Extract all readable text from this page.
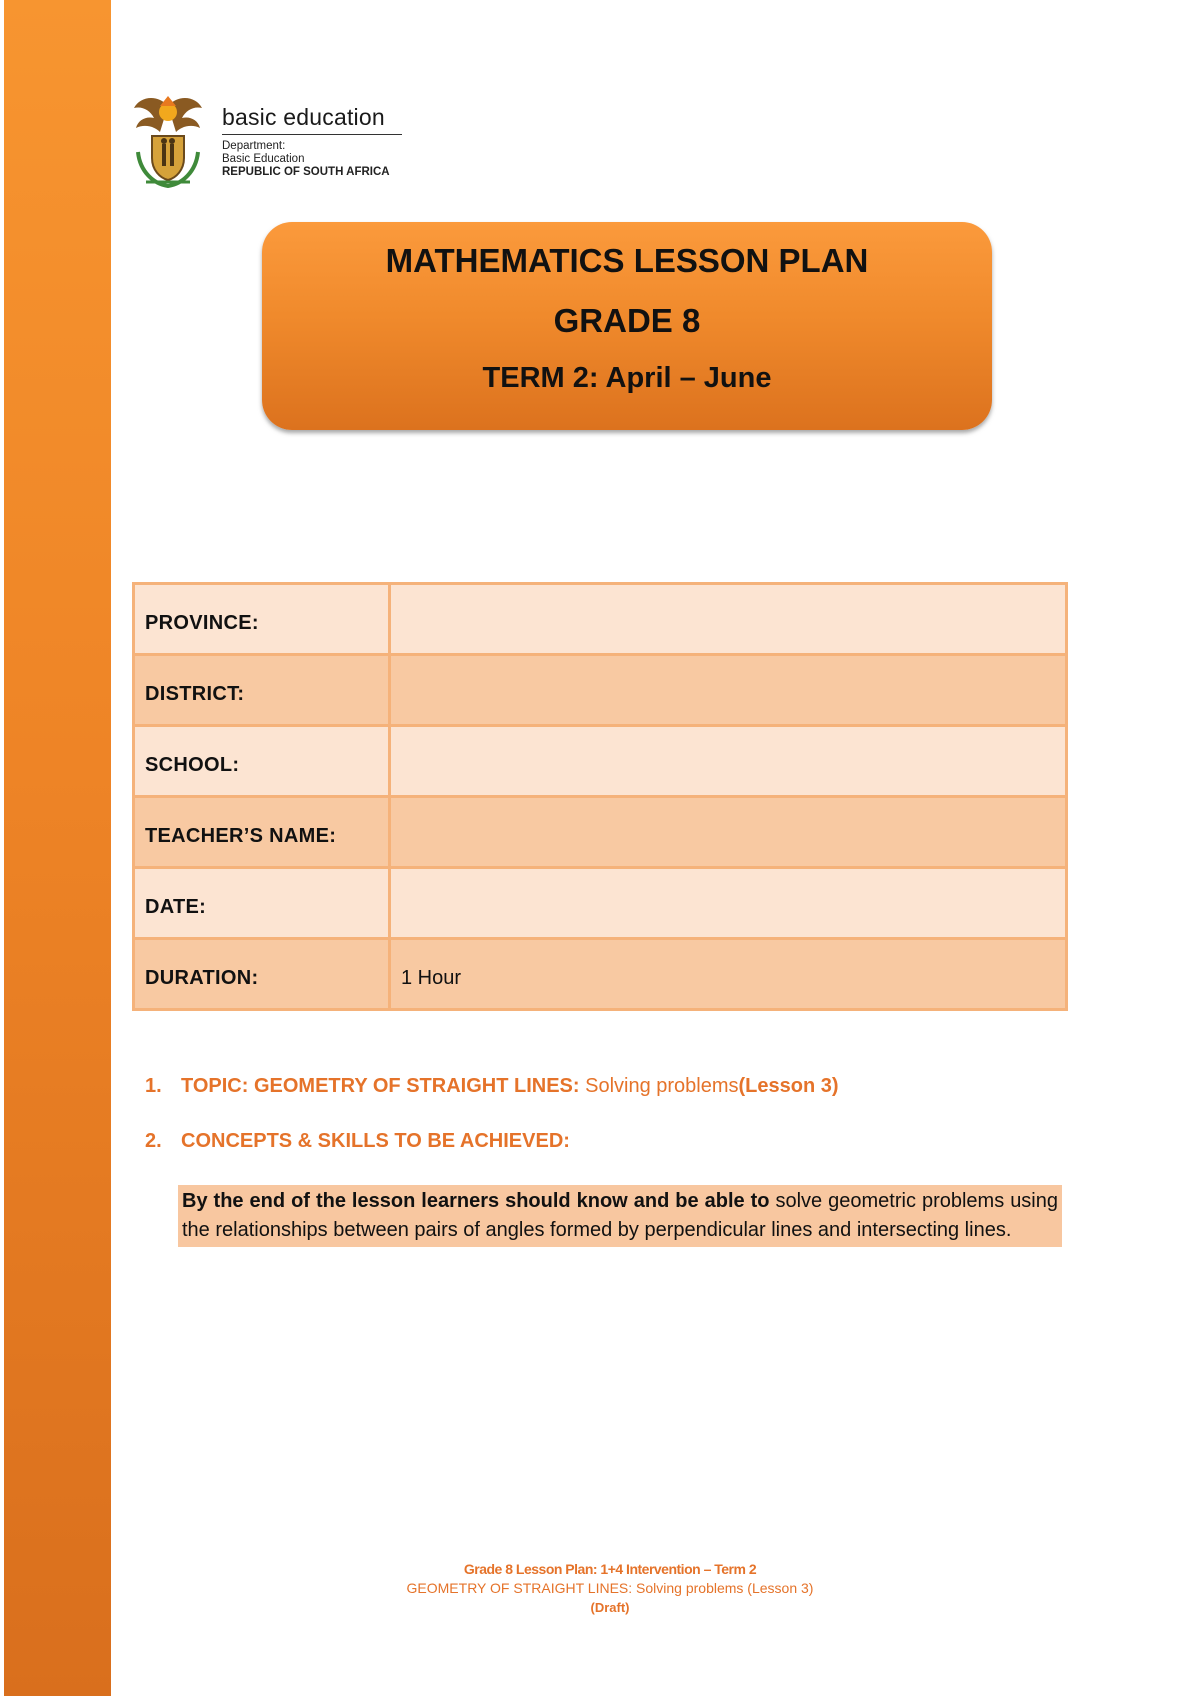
basic education
Department:
Basic Education
REPUBLIC OF SOUTH AFRICA
MATHEMATICS LESSON PLAN
GRADE 8
TERM 2: April – June
PROVINCE:	
DISTRICT:	
SCHOOL:	
TEACHER’S NAME:	
DATE:	
DURATION:	1 Hour
1. TOPIC: GEOMETRY OF STRAIGHT LINES: Solving problems(Lesson 3)
2. CONCEPTS & SKILLS TO BE ACHIEVED:
By the end of the lesson learners should know and be able to solve geometric problems using the relationships between pairs of angles formed by perpendicular lines and intersecting lines.
Grade 8 Lesson Plan: 1+4 Intervention – Term 2
GEOMETRY OF STRAIGHT LINES: Solving problems (Lesson 3)
(Draft)
